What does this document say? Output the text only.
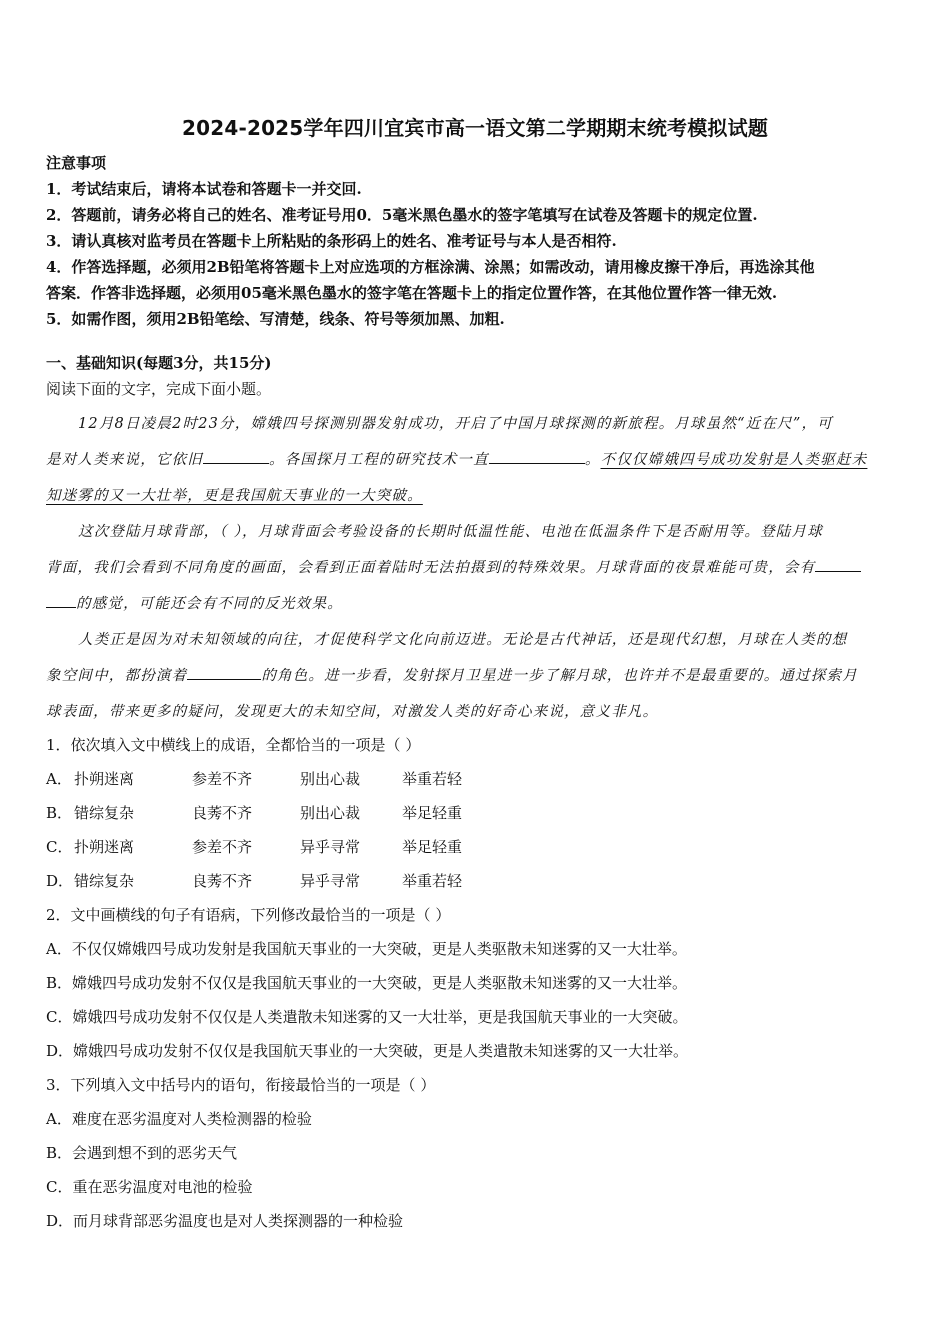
2024-2025学年四川宜宾市高一语文第二学期期末统考模拟试题
注意事项
1．考试结束后，请将本试卷和答题卡一并交回.
2．答题前，请务必将自己的姓名、准考证号用0．5毫米黑色墨水的签字笔填写在试卷及答题卡的规定位置.
3．请认真核对监考员在答题卡上所粘贴的条形码上的姓名、准考证号与本人是否相符.
4．作答选择题，必须用2B铅笔将答题卡上对应选项的方框涂满、涂黑；如需改动，请用橡皮擦干净后，再选涂其他
答案．作答非选择题，必须用05毫米黑色墨水的签字笔在答题卡上的指定位置作答，在其他位置作答一律无效.
5．如需作图，须用2B铅笔绘、写清楚，线条、符号等须加黑、加粗.
一、基础知识(每题3分，共15分)
阅读下面的文字，完成下面小题。
12月8日凌晨2时23分，嫦娥四号探测别器发射成功，开启了中国月球探测的新旅程。月球虽然“近在尺”，可
是对人类来说，它依旧	。各国探月工程的研究技术一直	。不仅仅嫦娥四号成功发射是人类驱赶未
知迷雾的又一大壮举，更是我国航天事业的一大突破。
这次登陆月球背部，（ ），月球背面会考验设备的长期时低温性能、电池在低温条件下是否耐用等。登陆月球
背面，我们会看到不同角度的画面，会看到正面着陆时无法拍摄到的特殊效果。月球背面的夜景难能可贵，会有
的感觉，可能还会有不同的反光效果。
人类正是因为对未知领域的向往，才促使科学文化向前迈进。无论是古代神话，还是现代幻想，月球在人类的想
象空间中，都扮演着	的角色。进一步看，发射探月卫星进一步了解月球，也许并不是最重要的。通过探索月
球表面，带来更多的疑问，发现更大的未知空间，对激发人类的好奇心来说，意义非凡。
1．依次填入文中横线上的成语，全都恰当的一项是（ ）
A． 扑朔迷离	参差不齐	别出心裁	举重若轻
B． 错综复杂	良莠不齐	别出心裁	举足轻重
C． 扑朔迷离	参差不齐	异乎寻常	举足轻重
D． 错综复杂	良莠不齐	异乎寻常	举重若轻
2．文中画横线的句子有语病，下列修改最恰当的一项是（ ）
A．不仅仅嫦娥四号成功发射是我国航天事业的一大突破，更是人类驱散未知迷雾的又一大壮举。
B．嫦娥四号成功发射不仅仅是我国航天事业的一大突破，更是人类驱散未知迷雾的又一大壮举。
C．嫦娥四号成功发射不仅仅是人类遣散未知迷雾的又一大壮举，更是我国航天事业的一大突破。
D．嫦娥四号成功发射不仅仅是我国航天事业的一大突破，更是人类遣散未知迷雾的又一大壮举。
3．下列填入文中括号内的语句，衔接最恰当的一项是（ ）
A．难度在恶劣温度对人类检测器的检验
B．会遇到想不到的恶劣天气
C．重在恶劣温度对电池的检验
D．而月球背部恶劣温度也是对人类探测器的一种检验
